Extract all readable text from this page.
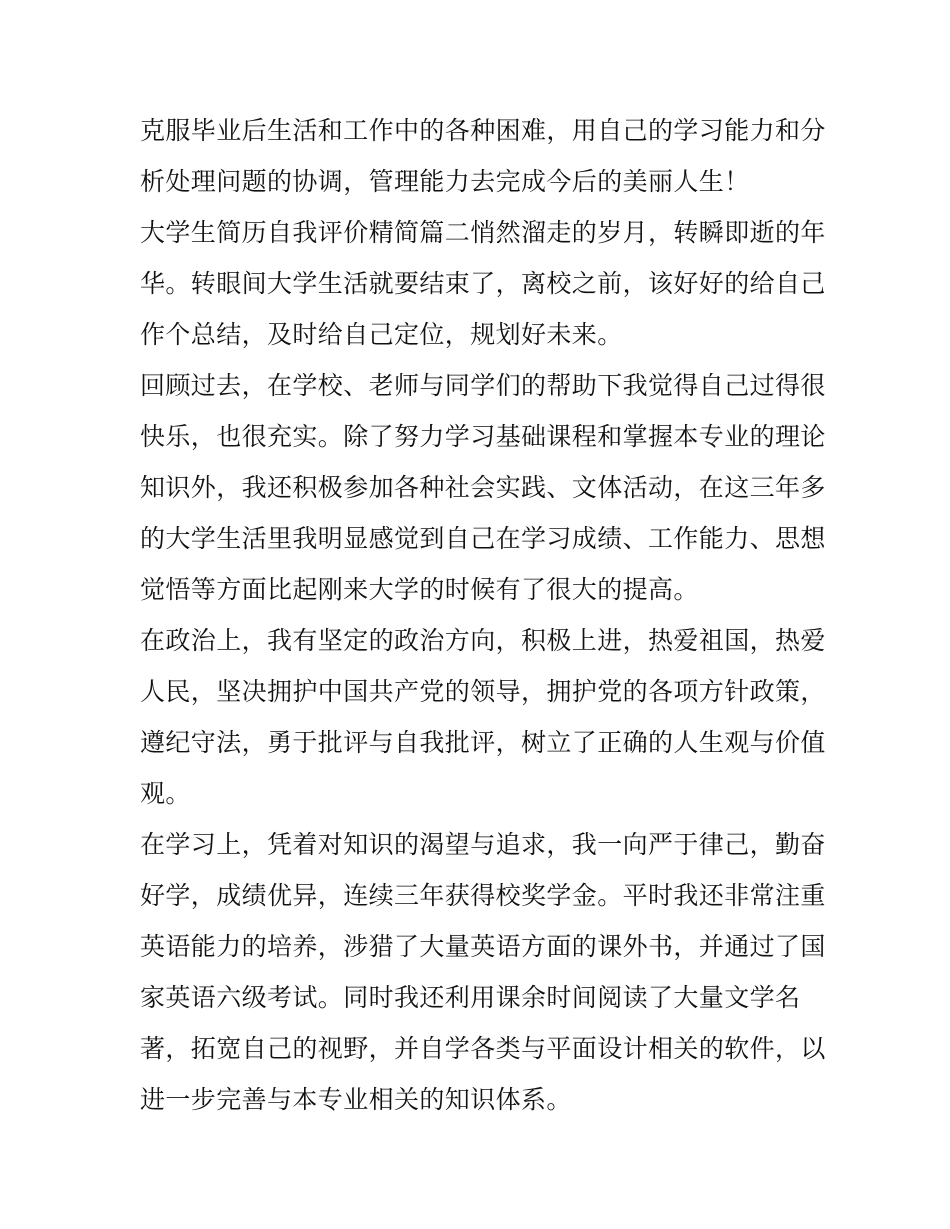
克服毕业后生活和工作中的各种困难，用自己的学习能力和分
析处理问题的协调，管理能力去完成今后的美丽人生！
大学生简历自我评价精简篇二悄然溜走的岁月，转瞬即逝的年
华。转眼间大学生活就要结束了，离校之前，该好好的给自己
作个总结，及时给自己定位，规划好未来。
回顾过去，在学校、老师与同学们的帮助下我觉得自己过得很
快乐，也很充实。除了努力学习基础课程和掌握本专业的理论
知识外，我还积极参加各种社会实践、文体活动，在这三年多
的大学生活里我明显感觉到自己在学习成绩、工作能力、思想
觉悟等方面比起刚来大学的时候有了很大的提高。
在政治上，我有坚定的政治方向，积极上进，热爱祖国，热爱
人民，坚决拥护中国共产党的领导，拥护党的各项方针政策，
遵纪守法，勇于批评与自我批评，树立了正确的人生观与价值
观。
在学习上，凭着对知识的渴望与追求，我一向严于律己，勤奋
好学，成绩优异，连续三年获得校奖学金。平时我还非常注重
英语能力的培养，涉猎了大量英语方面的课外书，并通过了国
家英语六级考试。同时我还利用课余时间阅读了大量文学名
著，拓宽自己的视野，并自学各类与平面设计相关的软件，以
进一步完善与本专业相关的知识体系。
